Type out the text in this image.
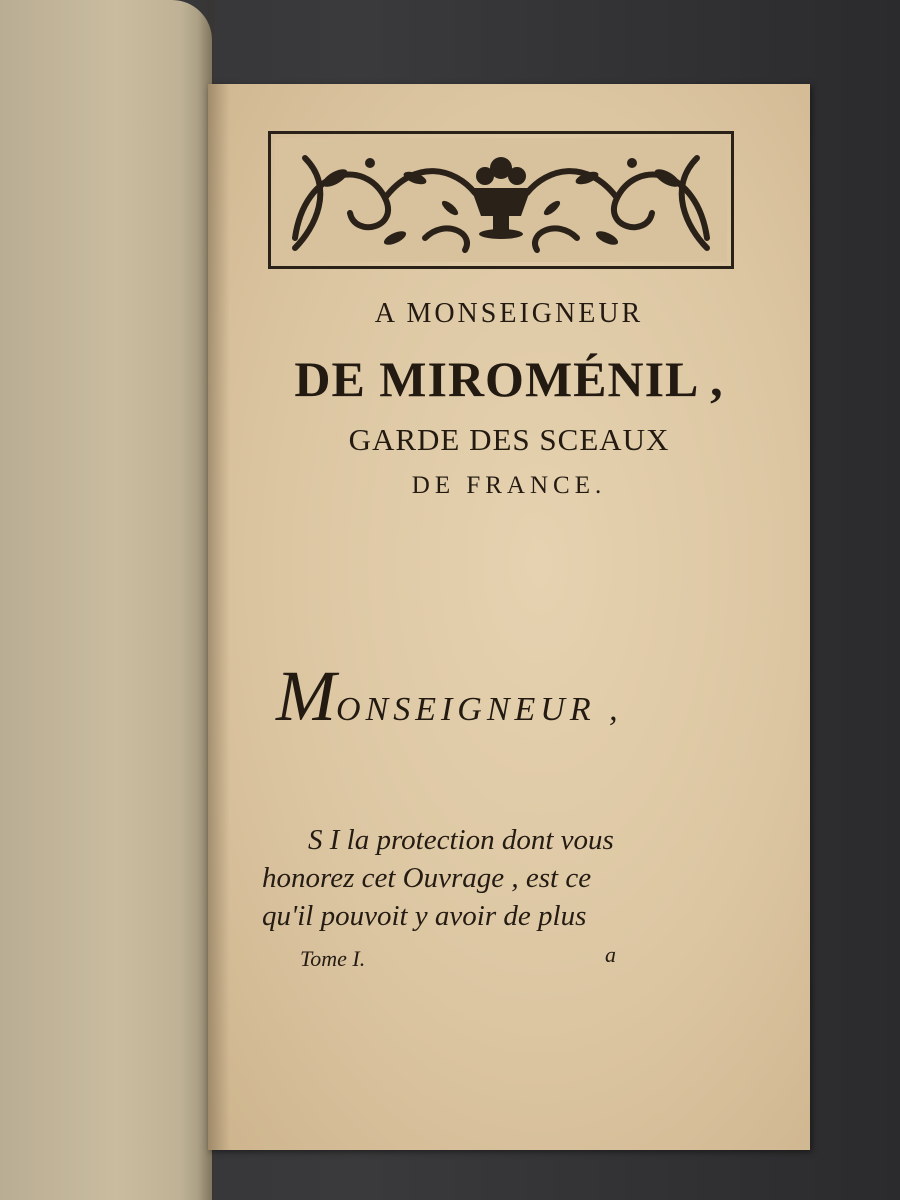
A MONSEIGNEUR
DE MIROMÉNIL ,
GARDE DES SCEAUX
DE FRANCE.
MONSEIGNEUR ,
S I la protection dont vous
honorez cet Ouvrage , est ce
qu'il pouvoit y avoir de plus
Tome I.	a
